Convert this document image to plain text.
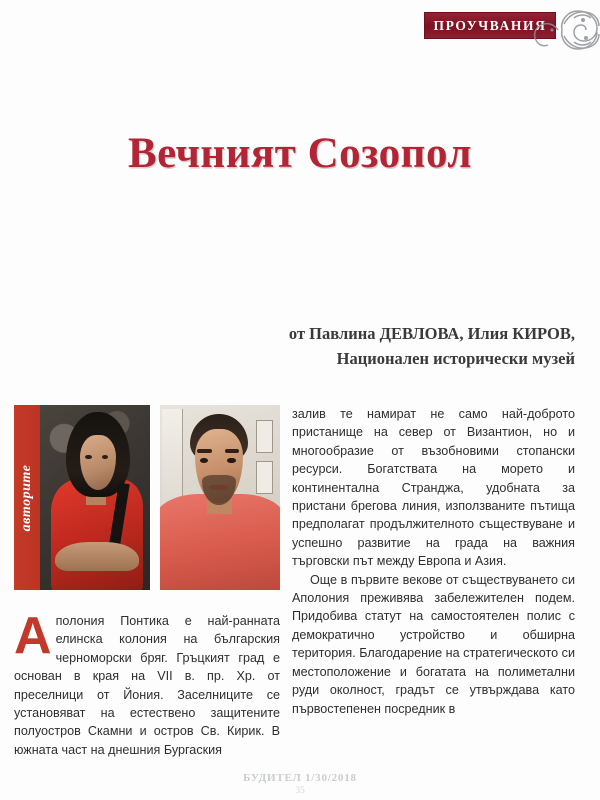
ПРОУЧВАНИЯ
Вечният Созопол
от Павлина ДЕВЛОВА, Илия КИРОВ,
Национален исторически музей
авторите

Аполония Понтика е най-ранната елинска колония на българския черноморски бряг. Гръцкият град е основан в края на VII в. пр. Хр. от преселници от Йония. Заселниците се установяват на естествено защитените полуостров Скамни и остров Св. Кирик. В южната част на днешния Бургаския

залив те намират не само най-доброто пристанище на север от Византион, но и многообразие от възобновими стопански ресурси. Богатствата на морето и континентална Странджа, удобната за пристани брегова линия, използваните пътища предполагат продължителното съществуване и успешно развитие на града на важния търговски път между Европа и Азия.

Още в първите векове от съществуването си Аполония преживява забележителен подем. Придобива статут на самостоятелен полис с демократично устройство и обширна територия. Благодарение на стратегическото си местоположение и богатата на полиметални руди околност, градът се утвърждава като първостепенен посредник в

БУДИТЕЛ 1/30/2018
35
